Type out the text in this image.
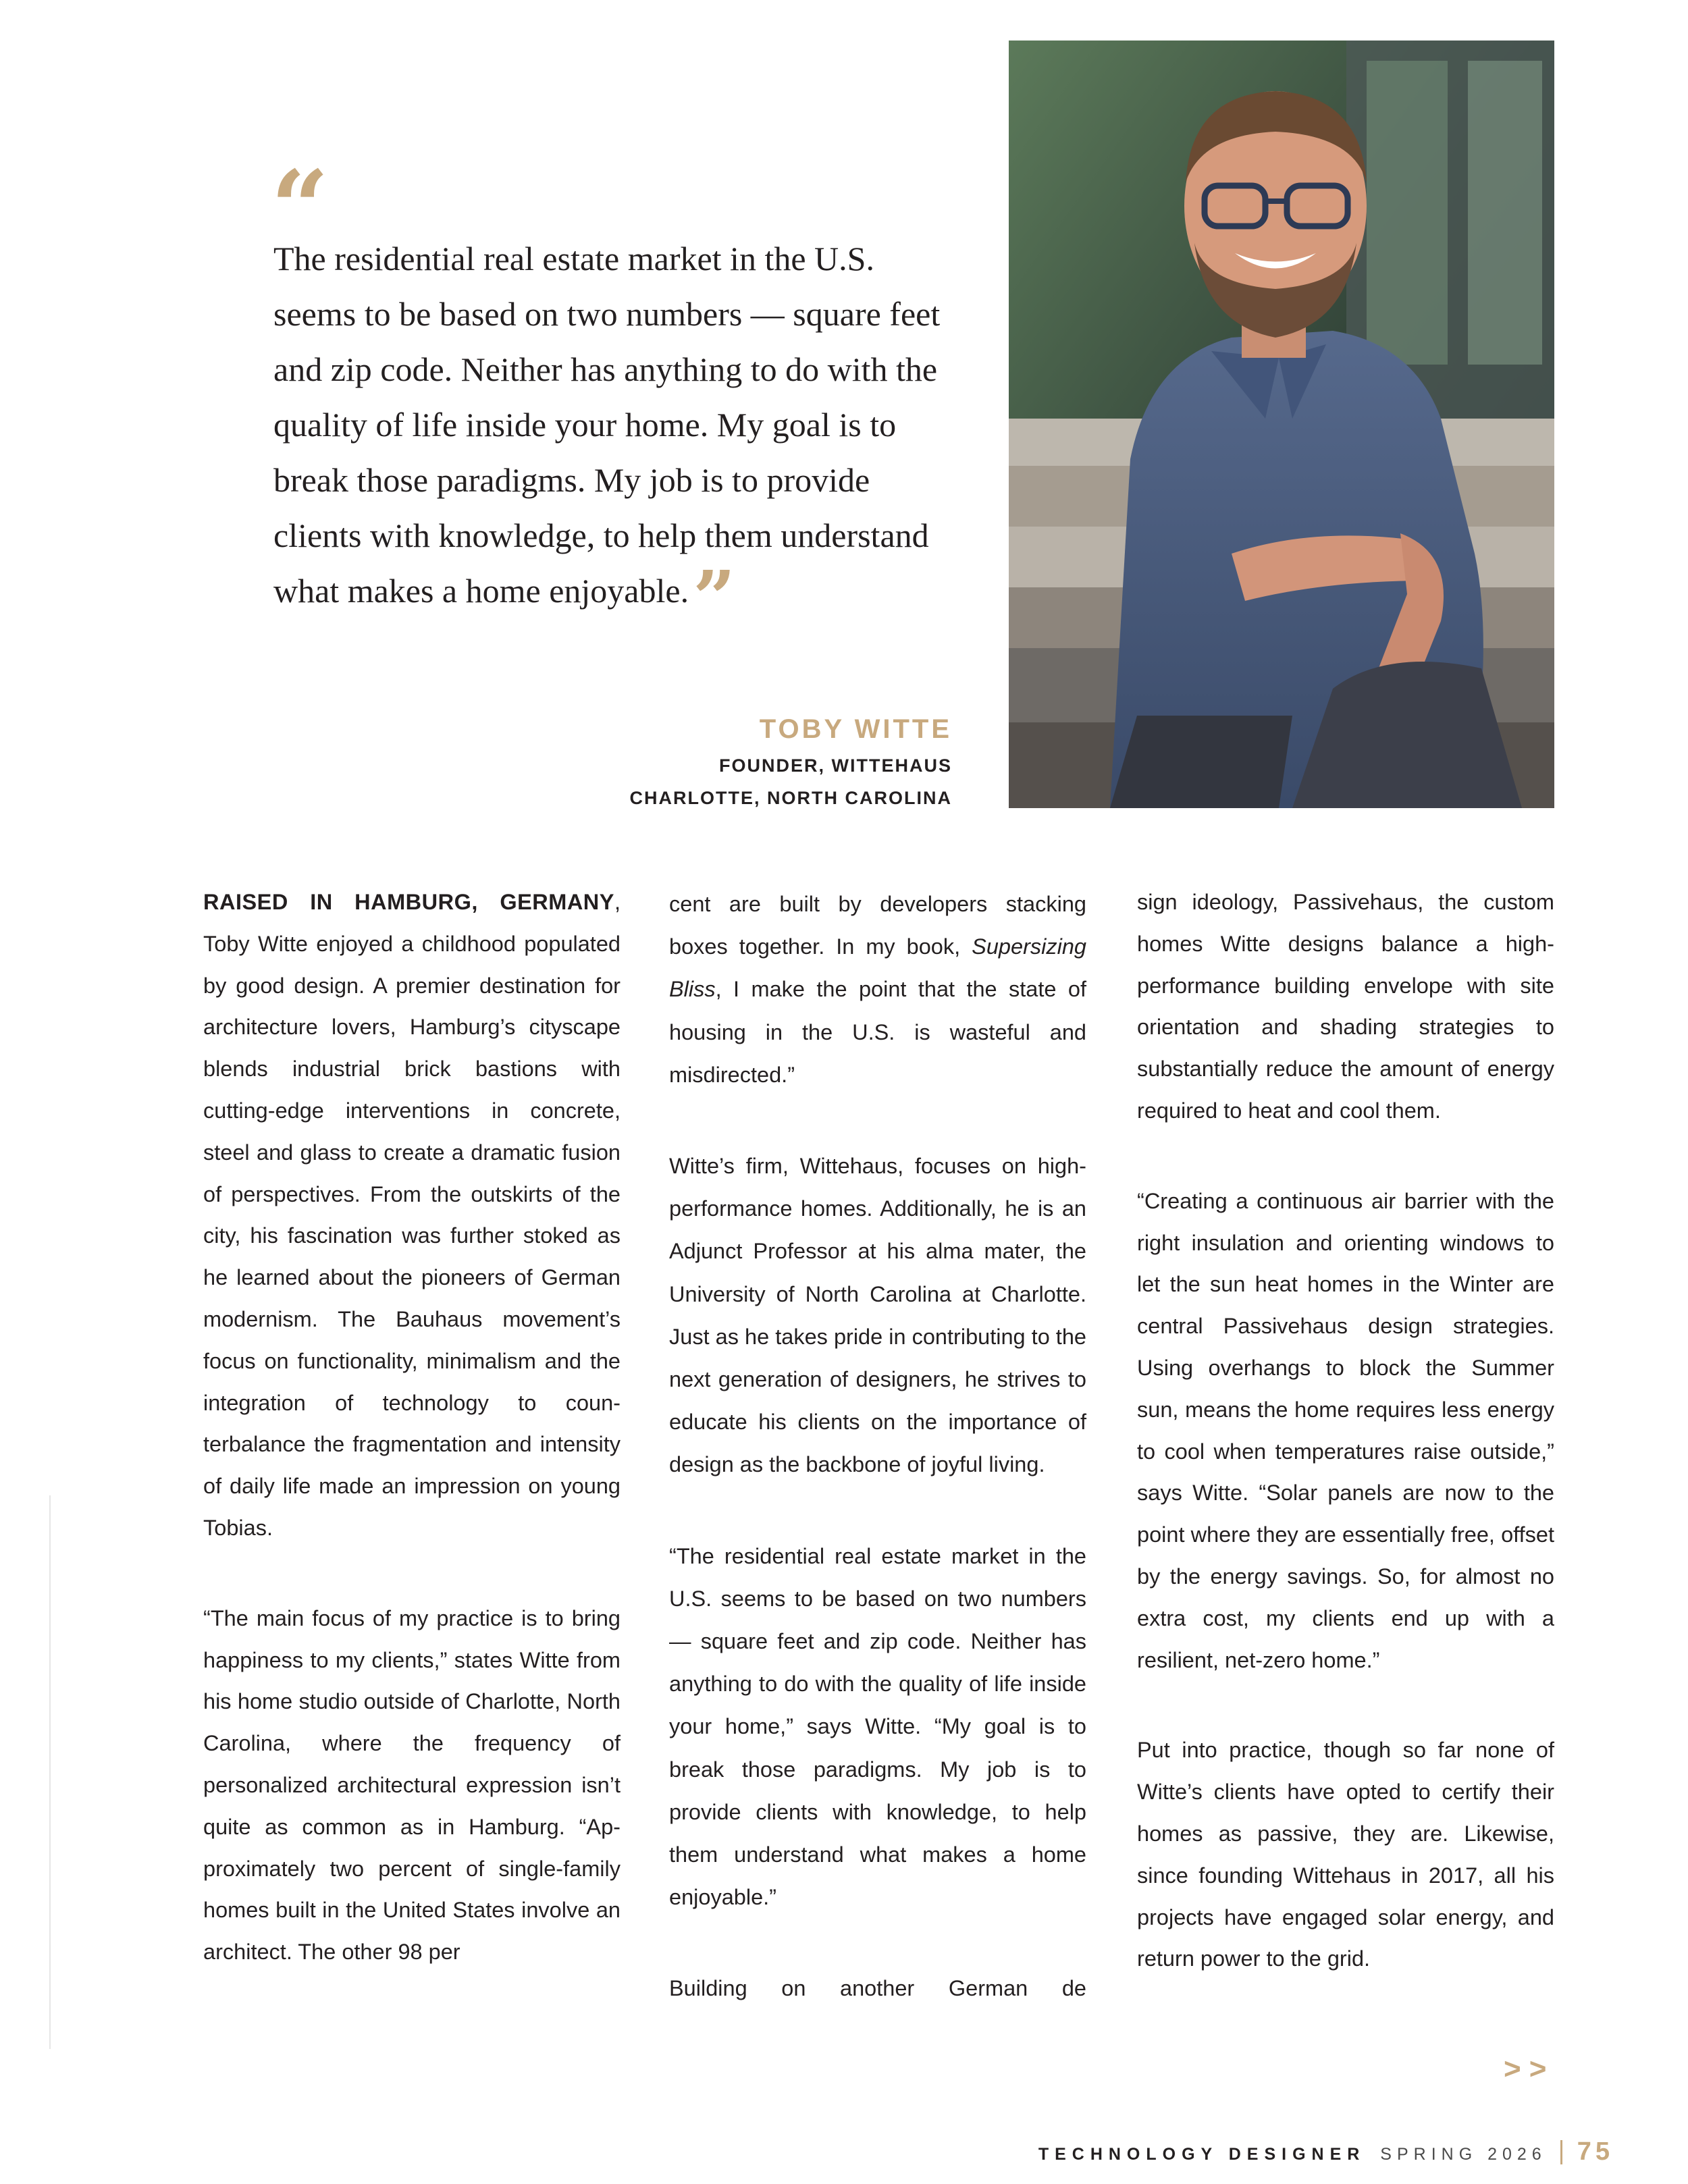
“

The residential real estate market in the U.S. seems to be based on two numbers — square feet and zip code. Neither has anything to do with the quality of life inside your home. My goal is to break those paradigms. My job is to provide clients with knowledge, to help them understand what makes a home enjoyable.”

TOBY WITTE
FOUNDER, WITTEHAUS
CHARLOTTE, NORTH CAROLINA

RAISED IN HAMBURG, GERMANY, Toby Witte enjoyed a childhood populated by good design. A premier destination for architecture lovers, Hamburg’s cityscape blends industrial brick bastions with cutting-edge interventions in concrete, steel and glass to create a dramatic fusion of perspectives. From the outskirts of the city, his fascination was further stoked as he learned about the pioneers of German modernism. The Bauhaus movement’s focus on functionality, minimalism and the integration of technology to counterbalance the fragmentation and intensity of daily life made an impression on young Tobias.

“The main focus of my practice is to bring happiness to my clients,” states Witte from his home studio outside of Charlotte, North Carolina, where the frequency of personalized architectural expression isn’t quite as common as in Hamburg. “Approximately two percent of single-family homes built in the United States involve an architect. The other 98 per

cent are built by developers stacking boxes together. In my book, Supersizing Bliss, I make the point that the state of housing in the U.S. is wasteful and misdirected.”

Witte’s firm, Wittehaus, focuses on high-performance homes. Additionally, he is an Adjunct Professor at his alma mater, the University of North Carolina at Charlotte. Just as he takes pride in contributing to the next generation of designers, he strives to educate his clients on the importance of design as the backbone of joyful living.

“The residential real estate market in the U.S. seems to be based on two numbers — square feet and zip code. Neither has anything to do with the quality of life inside your home,” says Witte. “My goal is to break those paradigms. My job is to provide clients with knowledge, to help them understand what makes a home enjoyable.”

Building on another German de

sign ideology, Passivehaus, the custom homes Witte designs balance a high-performance building envelope with site orientation and shading strategies to substantially reduce the amount of energy required to heat and cool them.

“Creating a continuous air barrier with the right insulation and orienting windows to let the sun heat homes in the Winter are central Passivehaus design strategies. Using overhangs to block the Summer sun, means the home requires less energy to cool when temperatures raise outside,” says Witte. “Solar panels are now to the point where they are essentially free, offset by the energy savings. So, for almost no extra cost, my clients end up with a resilient, net-zero home.”

Put into practice, though so far none of Witte’s clients have opted to certify their homes as passive, they are. Likewise, since founding Wittehaus in 2017, all his projects have engaged solar energy, and return power to the grid.

>>
TECHNOLOGY DESIGNER SPRING 2026 75
